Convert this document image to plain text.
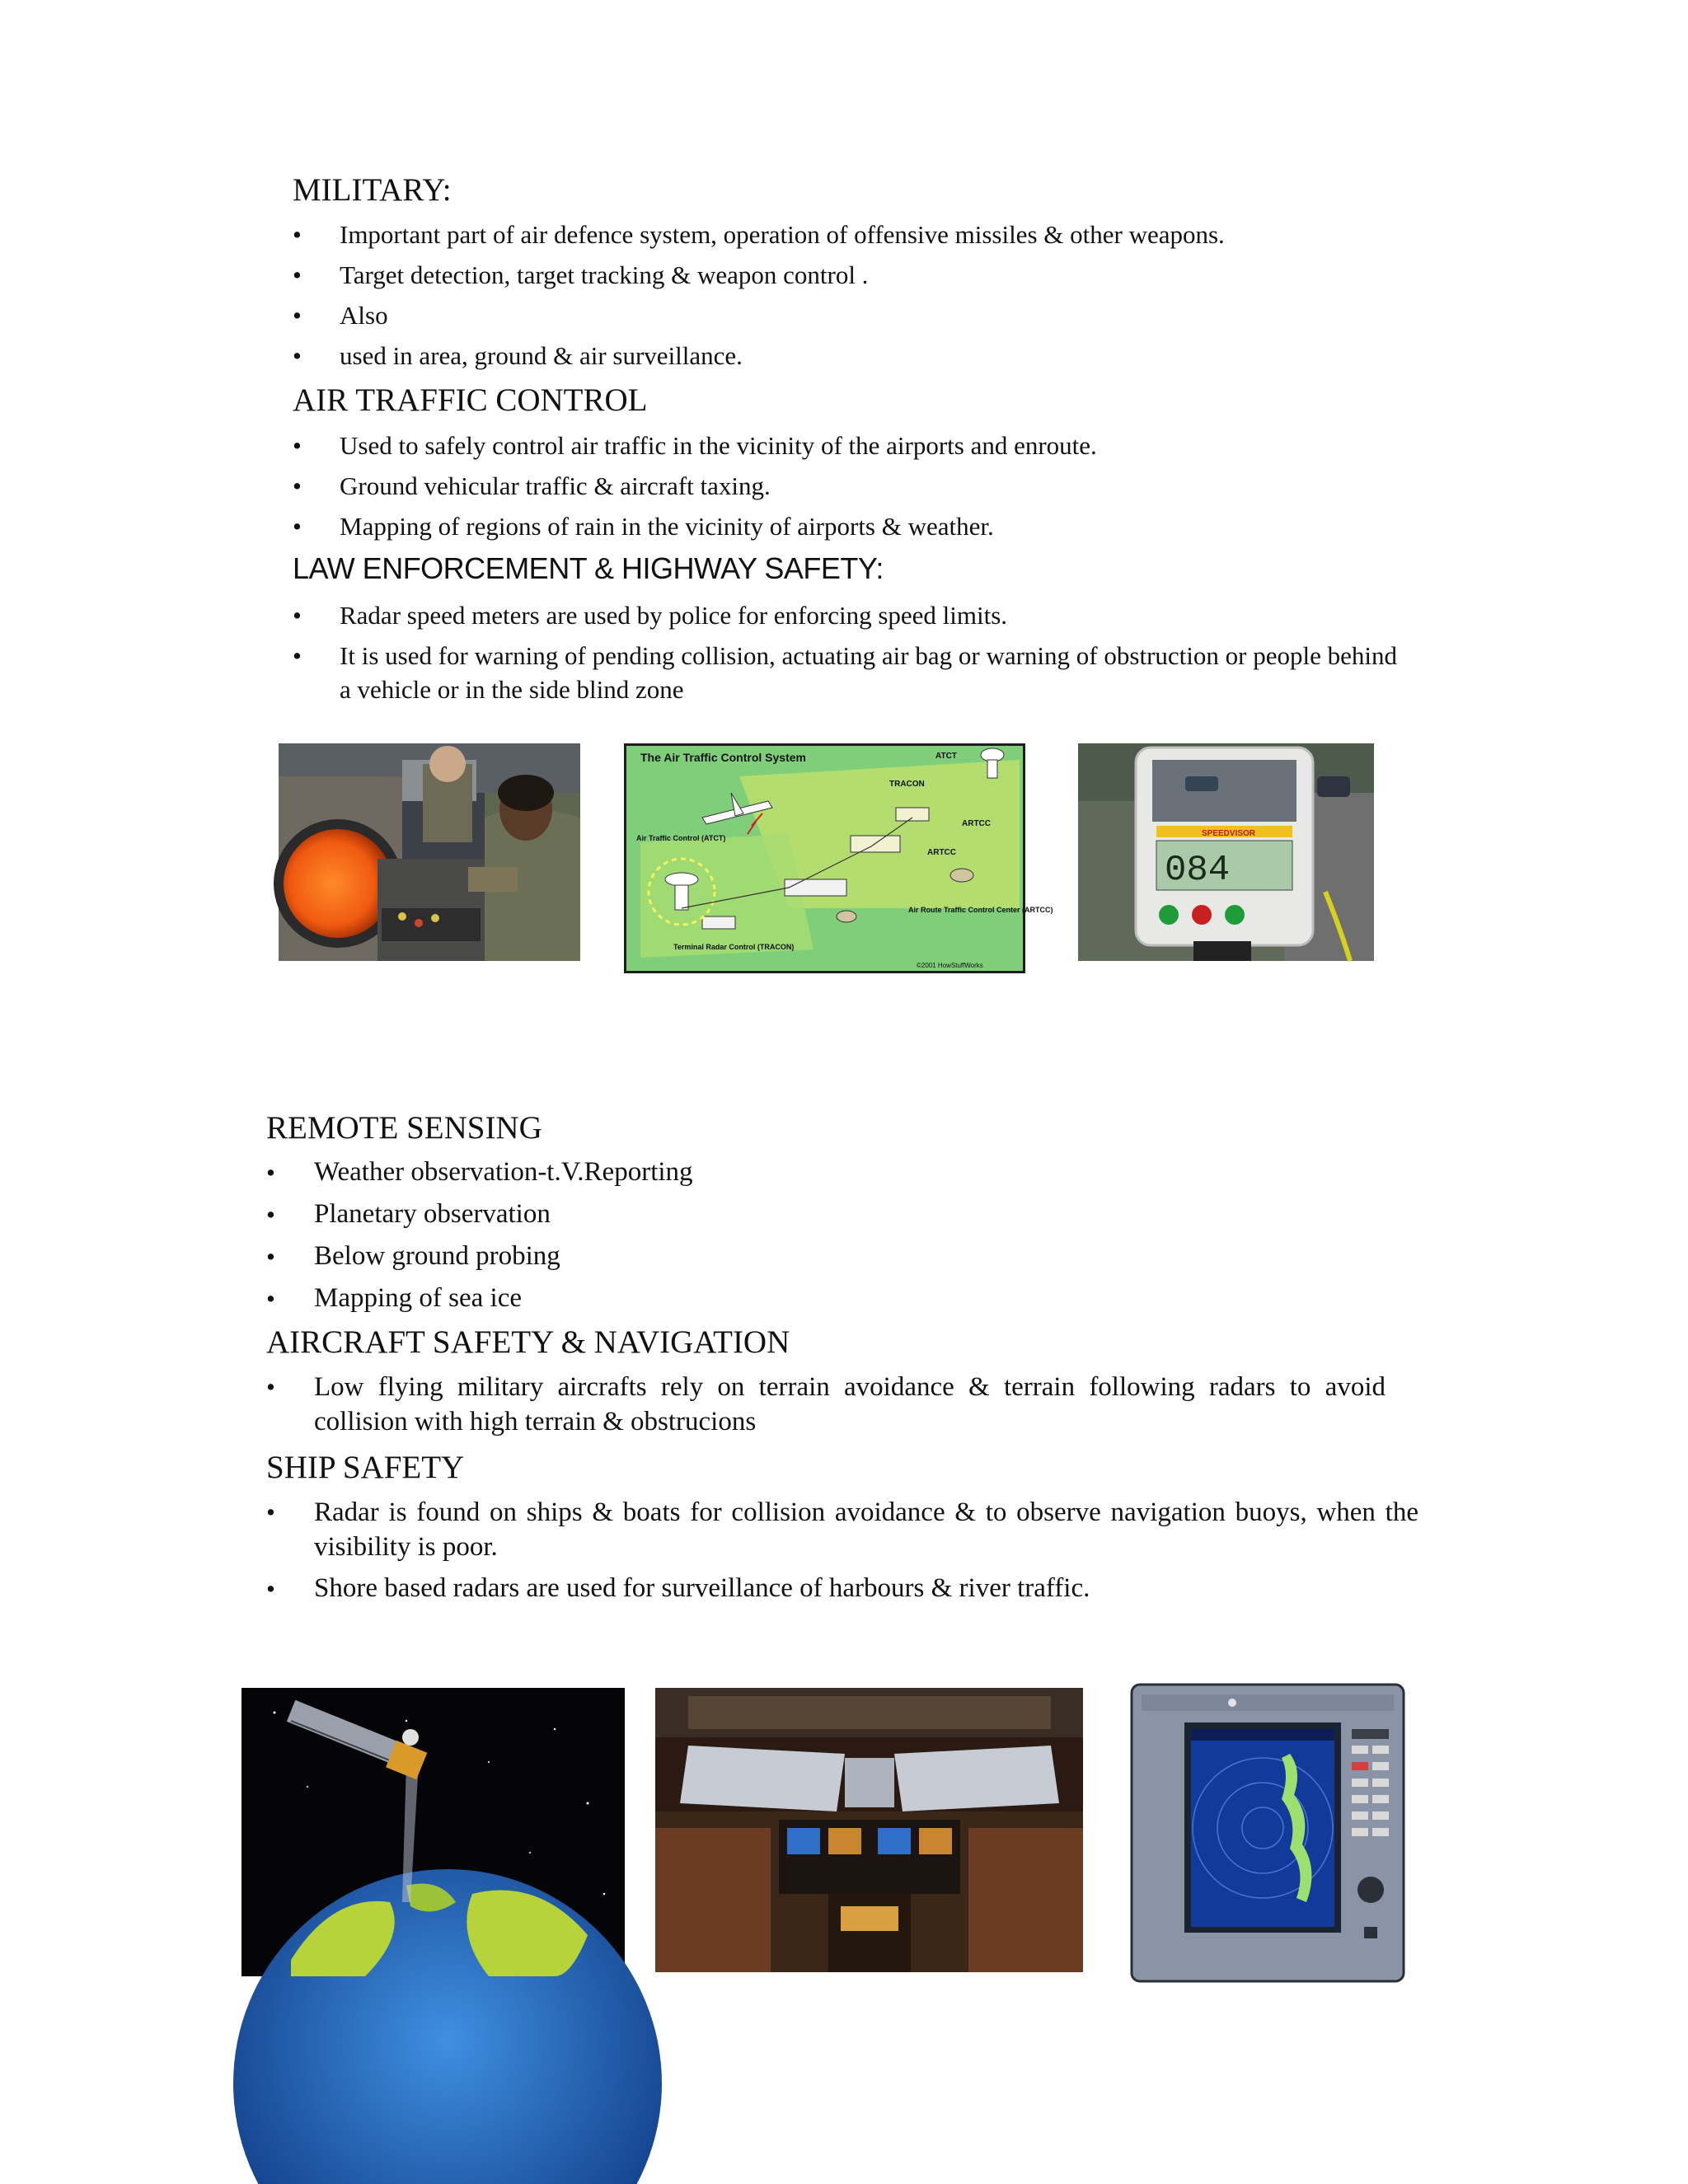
MILITARY:
• Important part of air defence system, operation of offensive missiles & other weapons.
• Target detection, target tracking & weapon control .
• Also
• used in area, ground & air surveillance.
AIR TRAFFIC CONTROL
• Used to safely control air traffic in the vicinity of the airports and enroute.
• Ground vehicular traffic & aircraft taxing.
• Mapping of regions of rain in the vicinity of airports & weather.
LAW ENFORCEMENT & HIGHWAY SAFETY:
• Radar speed meters are used by police for enforcing speed limits.
• It is used for warning of pending collision, actuating air bag or warning of obstruction or people behind a vehicle or in the side blind zone
The Air Traffic Control System	ATCT
TRACON
ARTCC
ARTCC
Air Traffic Control (ATCT)
Air Route Traffic Control Center (ARTCC)
Terminal Radar Control (TRACON)
©2001 HowStuffWorks
SPEEDVISOR
084
REMOTE SENSING
• Weather observation-t.V.Reporting
• Planetary observation
• Below ground probing
• Mapping of sea ice
AIRCRAFT SAFETY & NAVIGATION
• Low flying military aircrafts rely on terrain avoidance & terrain following radars to avoid collision with high terrain & obstrucions
SHIP SAFETY
• Radar is found on ships & boats for collision avoidance & to observe navigation buoys, when the visibility is poor.
• Shore based radars are used for surveillance of harbours & river traffic.
